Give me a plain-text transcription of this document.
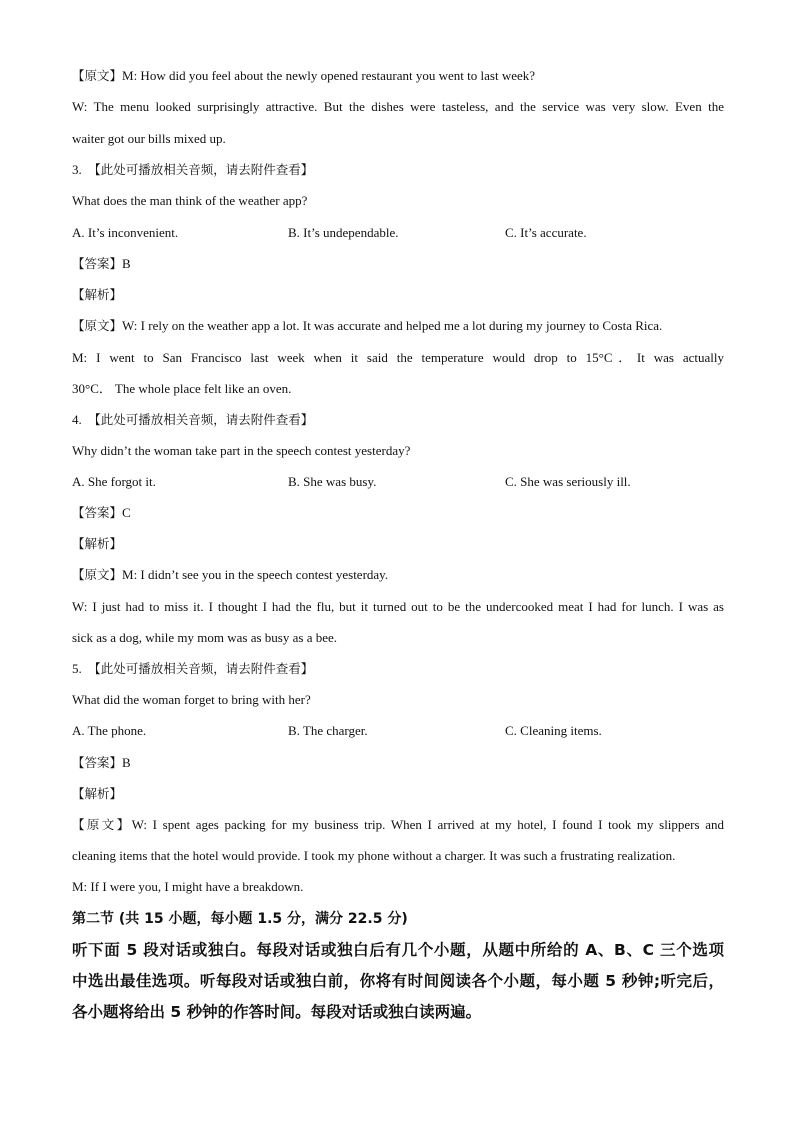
【原文】M: How did you feel about the newly opened restaurant you went to last week?
W: The menu looked surprisingly attractive. But the dishes were tasteless, and the service was very slow. Even the
waiter got our bills mixed up.
3. 【此处可播放相关音频，请去附件查看】
What does the man think of the weather app?
A. It’s inconvenient.	B. It’s undependable.	C. It’s accurate.
【答案】B
【解析】
【原文】W: I rely on the weather app a lot. It was accurate and helped me a lot during my journey to Costa Rica.
M: I went to San Francisco last week when it said the temperature would drop to 15°C．It was actually
30°C． The whole place felt like an oven.
4. 【此处可播放相关音频，请去附件查看】
Why didn’t the woman take part in the speech contest yesterday?
A. She forgot it.	B. She was busy.	C. She was seriously ill.
【答案】C
【解析】
【原文】M: I didn’t see you in the speech contest yesterday.
W: I just had to miss it. I thought I had the flu, but it turned out to be the undercooked meat I had for lunch. I was as
sick as a dog, while my mom was as busy as a bee.
5. 【此处可播放相关音频，请去附件查看】
What did the woman forget to bring with her?
A. The phone.	B. The charger.	C. Cleaning items.
【答案】B
【解析】
【原文】W: I spent ages packing for my business trip. When I arrived at my hotel, I found I took my slippers and
cleaning items that the hotel would provide. I took my phone without a charger. It was such a frustrating realization.
M: If I were you, I might have a breakdown.
第二节 (共 15 小题，每小题 1.5 分，满分 22.5 分)
听下面 5 段对话或独白。每段对话或独白后有几个小题，从题中所给的 A、B、C 三个选项
中选出最佳选项。听每段对话或独白前，你将有时间阅读各个小题，每小题 5 秒钟;听完后，
各小题将给出 5 秒钟的作答时间。每段对话或独白读两遍。
